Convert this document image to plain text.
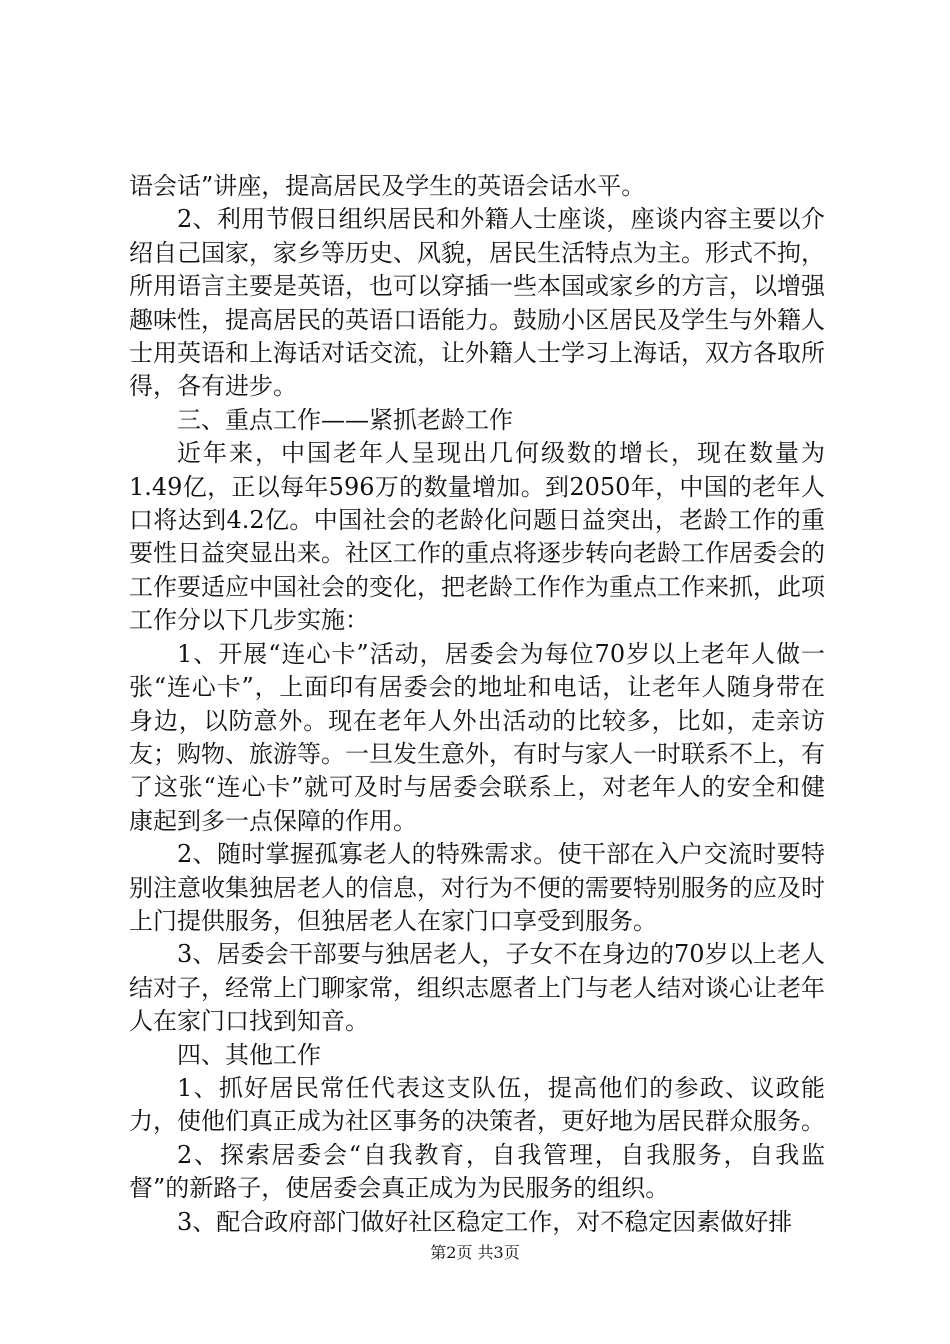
语会话”讲座，提高居民及学生的英语会话水平。

2、利用节假日组织居民和外籍人士座谈，座谈内容主要以介绍自己国家，家乡等历史、风貌，居民生活特点为主。形式不拘，所用语言主要是英语，也可以穿插一些本国或家乡的方言，以增强趣味性，提高居民的英语口语能力。鼓励小区居民及学生与外籍人士用英语和上海话对话交流，让外籍人士学习上海话，双方各取所得，各有进步。

三、重点工作——紧抓老龄工作

近年来，中国老年人呈现出几何级数的增长，现在数量为1.49亿，正以每年596万的数量增加。到2050年，中国的老年人口将达到4.2亿。中国社会的老龄化问题日益突出，老龄工作的重要性日益突显出来。社区工作的重点将逐步转向老龄工作居委会的工作要适应中国社会的变化，把老龄工作作为重点工作来抓，此项工作分以下几步实施：

1、开展“连心卡”活动，居委会为每位70岁以上老年人做一张“连心卡”，上面印有居委会的地址和电话，让老年人随身带在身边，以防意外。现在老年人外出活动的比较多，比如，走亲访友；购物、旅游等。一旦发生意外，有时与家人一时联系不上，有了这张“连心卡”就可及时与居委会联系上，对老年人的安全和健康起到多一点保障的作用。

2、随时掌握孤寡老人的特殊需求。使干部在入户交流时要特别注意收集独居老人的信息，对行为不便的需要特别服务的应及时上门提供服务，但独居老人在家门口享受到服务。

3、居委会干部要与独居老人，子女不在身边的70岁以上老人结对子，经常上门聊家常，组织志愿者上门与老人结对谈心让老年人在家门口找到知音。

四、其他工作

1、抓好居民常任代表这支队伍，提高他们的参政、议政能力，使他们真正成为社区事务的决策者，更好地为居民群众服务。

2、探索居委会“自我教育，自我管理，自我服务，自我监督”的新路子，使居委会真正成为为民服务的组织。

3、配合政府部门做好社区稳定工作，对不稳定因素做好排

第2页 共3页
